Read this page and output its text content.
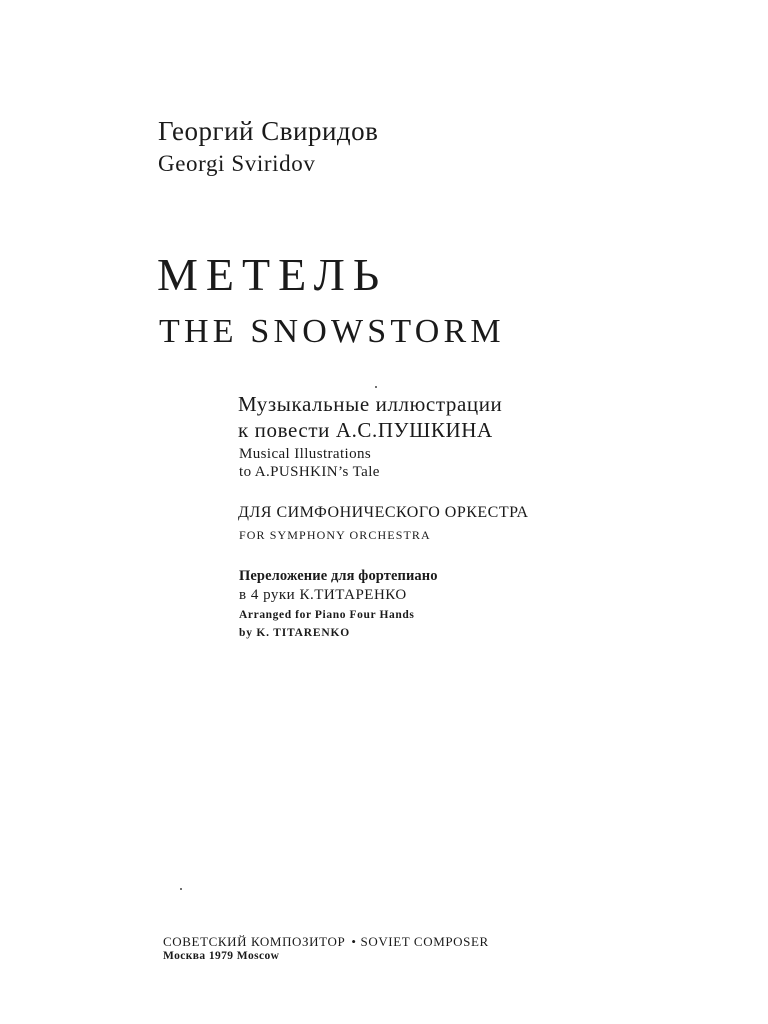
Георгий Свиридов
Georgi Sviridov
МЕТЕЛЬ
THE SNOWSTORM
Музыкальные иллюстрации
к повести А.С.ПУШКИНА
Musical Illustrations
to A.PUSHKIN’s Tale
ДЛЯ СИМФОНИЧЕСКОГО ОРКЕСТРА
FOR SYMPHONY ORCHESTRA
Переложение для фортепиано
в 4 руки К.ТИТАРЕНКО
Arranged for Piano Four Hands
by K. TITARENKO
СОВЕТСКИЙ КОМПОЗИТОР • SOVIET COMPOSER
Москва 1979 Moscow
